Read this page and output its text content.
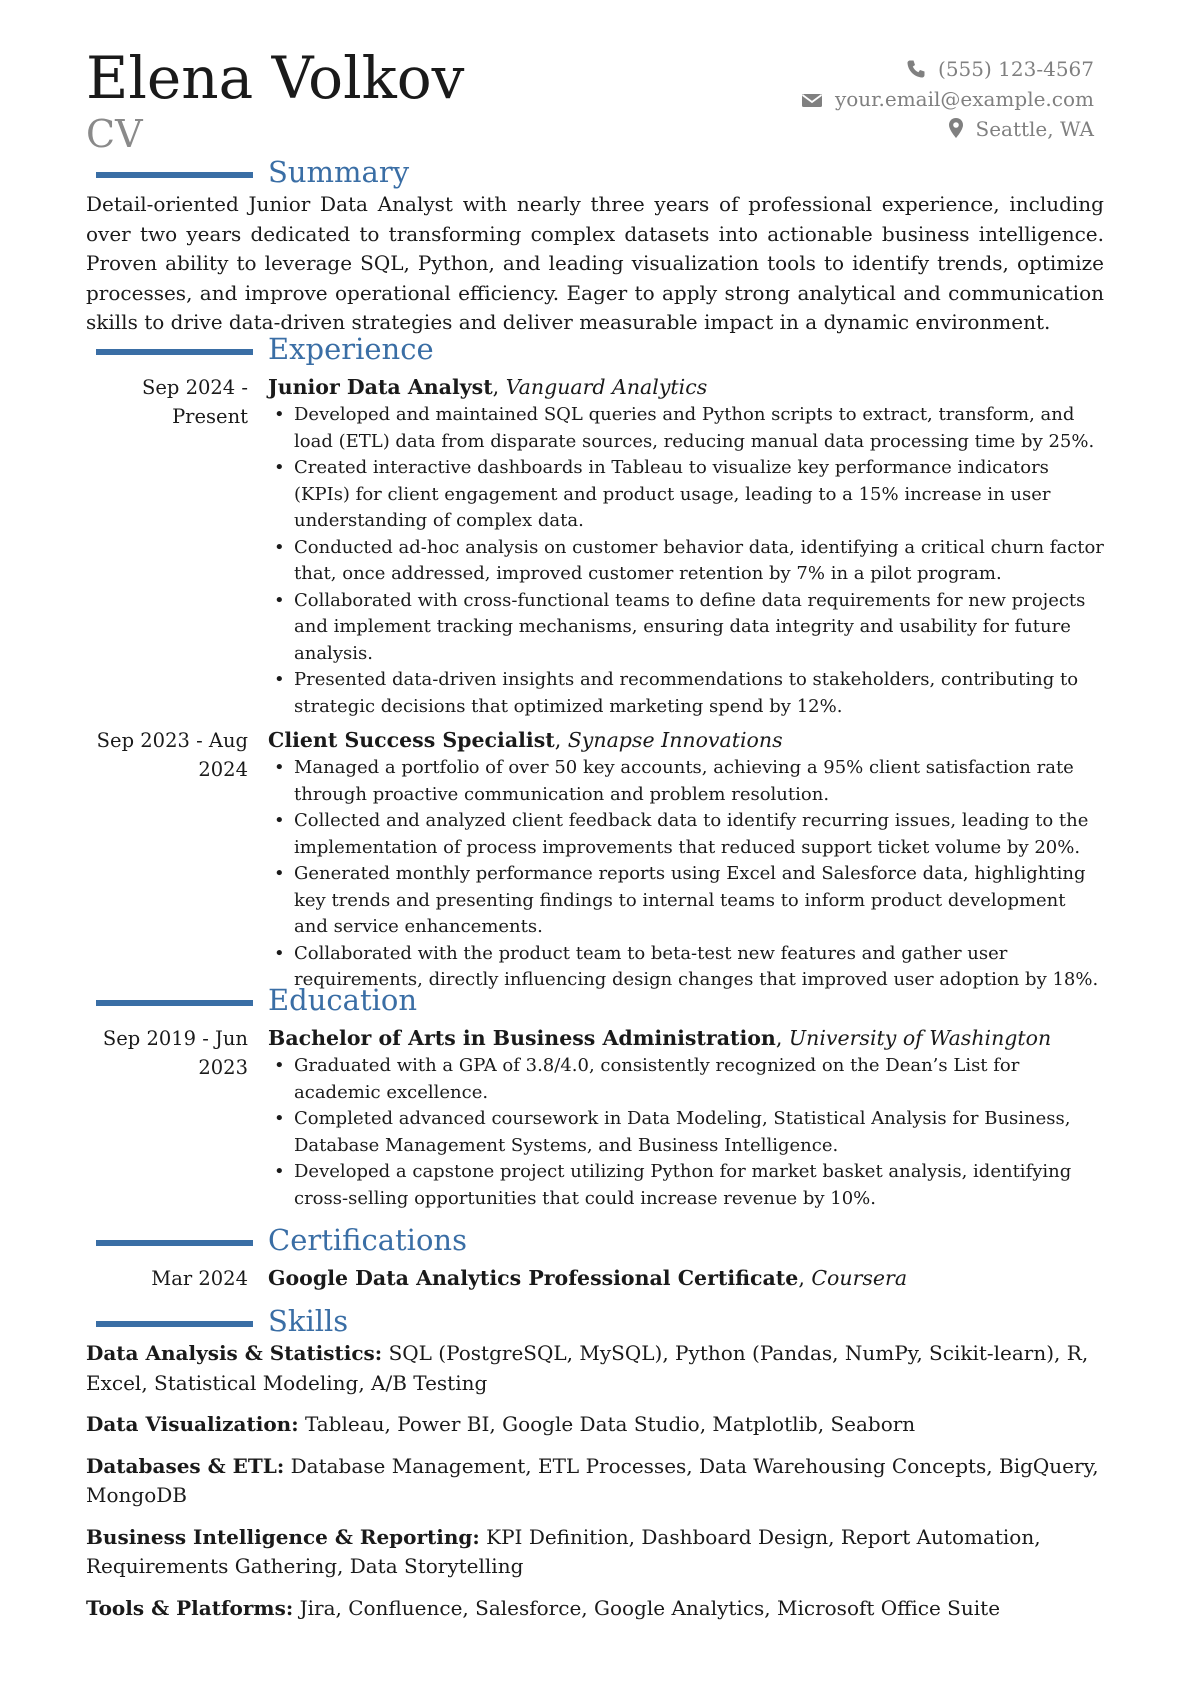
Elena Volkov
CV
(555) 123-4567
your.email@example.com
Seattle, WA
Summary
Detail-oriented Junior Data Analyst with nearly three years of professional experience, including over two years dedicated to transforming complex datasets into actionable business intelligence. Proven ability to leverage SQL, Python, and leading visualization tools to identify trends, optimize processes, and improve operational efficiency. Eager to apply strong analytical and communication skills to drive data-driven strategies and deliver measurable impact in a dynamic environment.
Experience
Sep 2024 - Present
Junior Data Analyst, Vanguard Analytics
• Developed and maintained SQL queries and Python scripts to extract, transform, and load (ETL) data from disparate sources, reducing manual data processing time by 25%.
• Created interactive dashboards in Tableau to visualize key performance indicators (KPIs) for client engagement and product usage, leading to a 15% increase in user understanding of complex data.
• Conducted ad-hoc analysis on customer behavior data, identifying a critical churn factor that, once addressed, improved customer retention by 7% in a pilot program.
• Collaborated with cross-functional teams to define data requirements for new projects and implement tracking mechanisms, ensuring data integrity and usability for future analysis.
• Presented data-driven insights and recommendations to stakeholders, contributing to strategic decisions that optimized marketing spend by 12%.
Sep 2023 - Aug 2024
Client Success Specialist, Synapse Innovations
• Managed a portfolio of over 50 key accounts, achieving a 95% client satisfaction rate through proactive communication and problem resolution.
• Collected and analyzed client feedback data to identify recurring issues, leading to the implementation of process improvements that reduced support ticket volume by 20%.
• Generated monthly performance reports using Excel and Salesforce data, highlighting key trends and presenting findings to internal teams to inform product development and service enhancements.
• Collaborated with the product team to beta-test new features and gather user requirements, directly influencing design changes that improved user adoption by 18%.
Education
Sep 2019 - Jun 2023
Bachelor of Arts in Business Administration, University of Washington
• Graduated with a GPA of 3.8/4.0, consistently recognized on the Dean’s List for academic excellence.
• Completed advanced coursework in Data Modeling, Statistical Analysis for Business, Database Management Systems, and Business Intelligence.
• Developed a capstone project utilizing Python for market basket analysis, identifying cross-selling opportunities that could increase revenue by 10%.
Certifications
Mar 2024 Google Data Analytics Professional Certificate, Coursera
Skills
Data Analysis & Statistics: SQL (PostgreSQL, MySQL), Python (Pandas, NumPy, Scikit-learn), R, Excel, Statistical Modeling, A/B Testing
Data Visualization: Tableau, Power BI, Google Data Studio, Matplotlib, Seaborn
Databases & ETL: Database Management, ETL Processes, Data Warehousing Concepts, BigQuery, MongoDB
Business Intelligence & Reporting: KPI Definition, Dashboard Design, Report Automation, Requirements Gathering, Data Storytelling
Tools & Platforms: Jira, Confluence, Salesforce, Google Analytics, Microsoft Office Suite
